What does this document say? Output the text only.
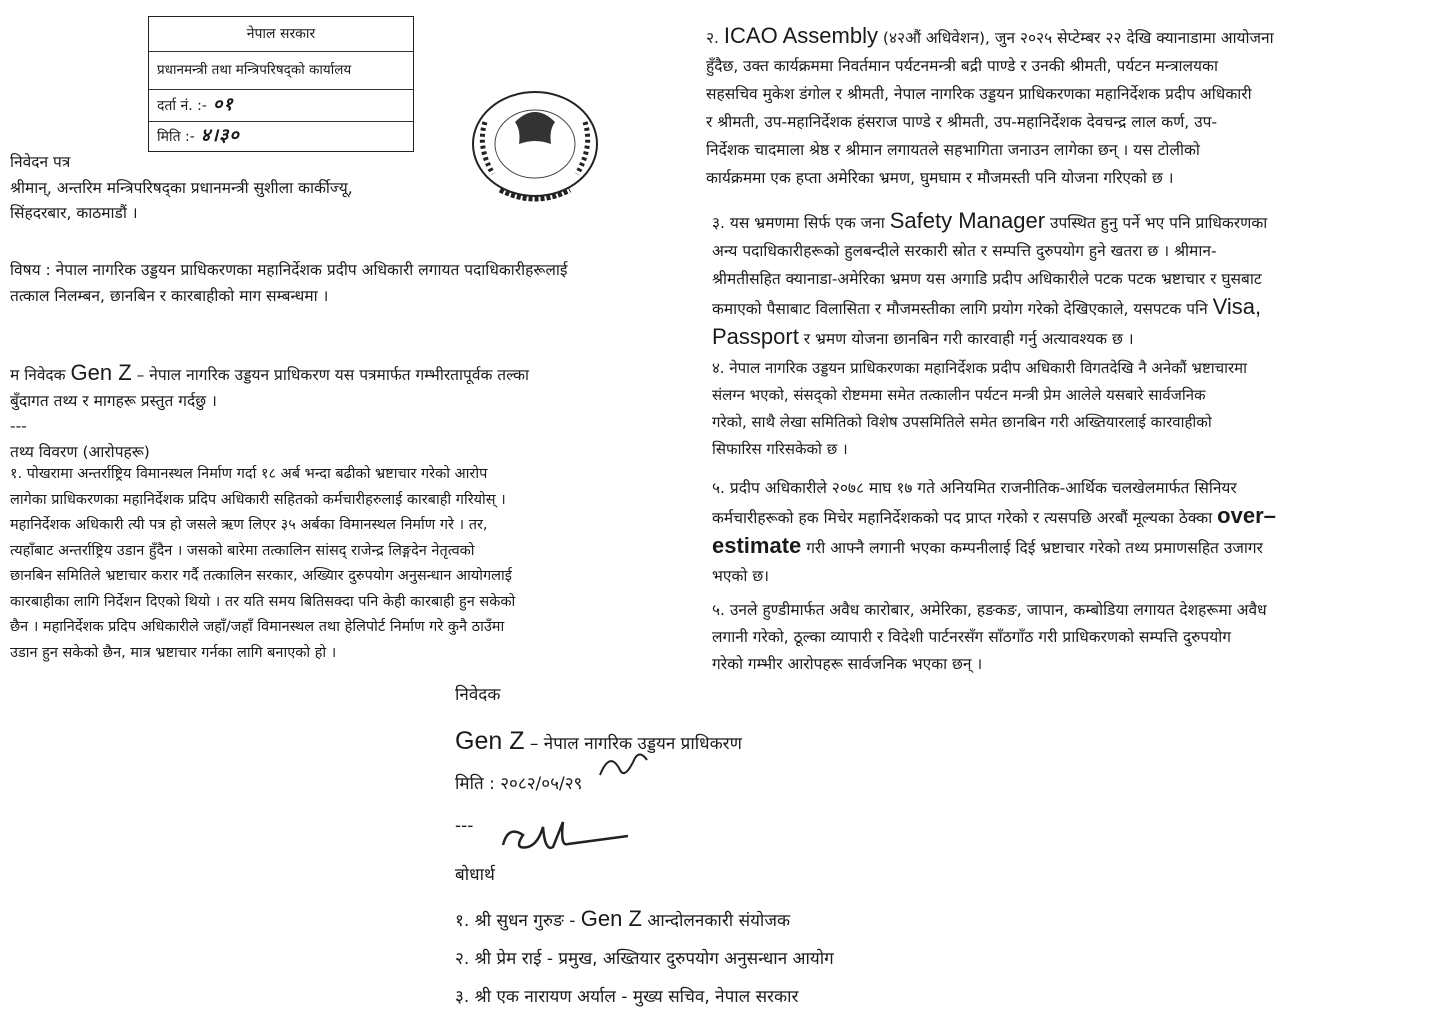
नेपाल सरकार
प्रधानमन्त्री तथा मन्त्रिपरिषद्को कार्यालय
दर्ता नं. :- ०१
मिति :- ४।३०

निवेदन पत्र

श्रीमान्, अन्तरिम मन्त्रिपरिषद्का प्रधानमन्त्री सुशीला कार्कीज्यू,

सिंहदरबार, काठमाडौं ।

विषय : नेपाल नागरिक उड्डयन प्राधिकरणका महानिर्देशक प्रदीप अधिकारी लगायत पदाधिकारीहरूलाई

तत्काल निलम्बन, छानबिन र कारबाहीको माग सम्बन्धमा ।

म निवेदक Gen Z – नेपाल नागरिक उड्डयन प्राधिकरण यस पत्रमार्फत गम्भीरतापूर्वक तल्का

बुँदागत तथ्य र मागहरू प्रस्तुत गर्दछु ।

---

तथ्य विवरण (आरोपहरू)

१. पोखरामा अन्तर्राष्ट्रिय विमानस्थल निर्माण गर्दा १८ अर्ब भन्दा बढीको भ्रष्टाचार गरेको आरोप

लागेका प्राधिकरणका महानिर्देशक प्रदिप अधिकारी सहितको कर्मचारीहरुलाई कारबाही गरियोस् ।

महानिर्देशक अधिकारी त्यी पत्र हो जसले ऋण लिएर ३५ अर्बका विमानस्थल निर्माण गरे । तर,

त्यहाँबाट अन्तर्राष्ट्रिय उडान हुँदैन । जसको बारेमा तत्कालिन सांसद् राजेन्द्र लिङ्गदेन नेतृत्वको

छानबिन समितिले भ्रष्टाचार करार गर्दै तत्कालिन सरकार, अख्यिार दुरुपयोग अनुसन्धान आयोगलाई

कारबाहीका लागि निर्देशन दिएको थियो । तर यति समय बितिसक्दा पनि केही कारबाही हुन सकेको

छैन । महानिर्देशक प्रदिप अधिकारीले जहाँ/जहाँ विमानस्थल तथा हेलिपोर्ट निर्माण गरे कुनै ठाउँमा

उडान हुन सकेको छैन, मात्र भ्रष्टाचार गर्नका लागि बनाएको हो ।

२. ICAO Assembly (४२औं अधिवेशन), जुन २०२५ सेप्टेम्बर २२ देखि क्यानाडामा आयोजना

हुँदैछ, उक्त कार्यक्रममा निवर्तमान पर्यटनमन्त्री बद्री पाण्डे र उनकी श्रीमती, पर्यटन मन्त्रालयका

सहसचिव मुकेश डंगोल र श्रीमती, नेपाल नागरिक उड्डयन प्राधिकरणका महानिर्देशक प्रदीप अधिकारी

र श्रीमती, उप-महानिर्देशक हंसराज पाण्डे र श्रीमती, उप-महानिर्देशक देवचन्द्र लाल कर्ण, उप-

निर्देशक चादमाला श्रेष्ठ र श्रीमान लगायतले सहभागिता जनाउन लागेका छन् । यस टोलीको

कार्यक्रममा एक हप्ता अमेरिका भ्रमण, घुमघाम र मौजमस्ती पनि योजना गरिएको छ ।

३. यस भ्रमणमा सिर्फ एक जना Safety Manager उपस्थित हुनु पर्ने भए पनि प्राधिकरणका

अन्य पदाधिकारीहरूको हुलबन्दीले सरकारी स्रोत र सम्पत्ति दुरुपयोग हुने खतरा छ । श्रीमान-

श्रीमतीसहित क्यानाडा-अमेरिका भ्रमण यस अगाडि प्रदीप अधिकारीले पटक पटक भ्रष्टाचार र घुसबाट

कमाएको पैसाबाट विलासिता र मौजमस्तीका लागि प्रयोग गरेको देखिएकाले, यसपटक पनि Visa,

Passport र भ्रमण योजना छानबिन गरी कारवाही गर्नु अत्यावश्यक छ ।

४. नेपाल नागरिक उड्डयन प्राधिकरणका महानिर्देशक प्रदीप अधिकारी विगतदेखि नै अनेकौं भ्रष्टाचारमा

संलग्न भएको, संसद्को रोष्टममा समेत तत्कालीन पर्यटन मन्त्री प्रेम आलेले यसबारे सार्वजनिक

गरेको, साथै लेखा समितिको विशेष उपसमितिले समेत छानबिन गरी अख्तियारलाई कारवाहीको

सिफारिस गरिसकेको छ ।

५. प्रदीप अधिकारीले २०७८ माघ १७ गते अनियमित राजनीतिक-आर्थिक चलखेलमार्फत सिनियर

कर्मचारीहरूको हक मिचेर महानिर्देशकको पद प्राप्त गरेको र त्यसपछि अरबौं मूल्यका ठेक्का over–

estimate गरी आफ्नै लगानी भएका कम्पनीलाई दिई भ्रष्टाचार गरेको तथ्य प्रमाणसहित उजागर

भएको छ।

५. उनले हुण्डीमार्फत अवैध कारोबार, अमेरिका, हङकङ, जापान, कम्बोडिया लगायत देशहरूमा अवैध

लगानी गरेको, ठूल्का व्यापारी र विदेशी पार्टनरसँग साँठगाँठ गरी प्राधिकरणको सम्पत्ति दुरुपयोग

गरेको गम्भीर आरोपहरू सार्वजनिक भएका छन् ।

निवेदक

Gen Z – नेपाल नागरिक उड्डयन प्राधिकरण

मिति : २०८२/०५/२९

---

बोधार्थ

१. श्री सुधन गुरुङ - Gen Z आन्दोलनकारी संयोजक

२. श्री प्रेम राई - प्रमुख, अख्तियार दुरुपयोग अनुसन्धान आयोग

३. श्री एक नारायण अर्याल - मुख्य सचिव, नेपाल सरकार
